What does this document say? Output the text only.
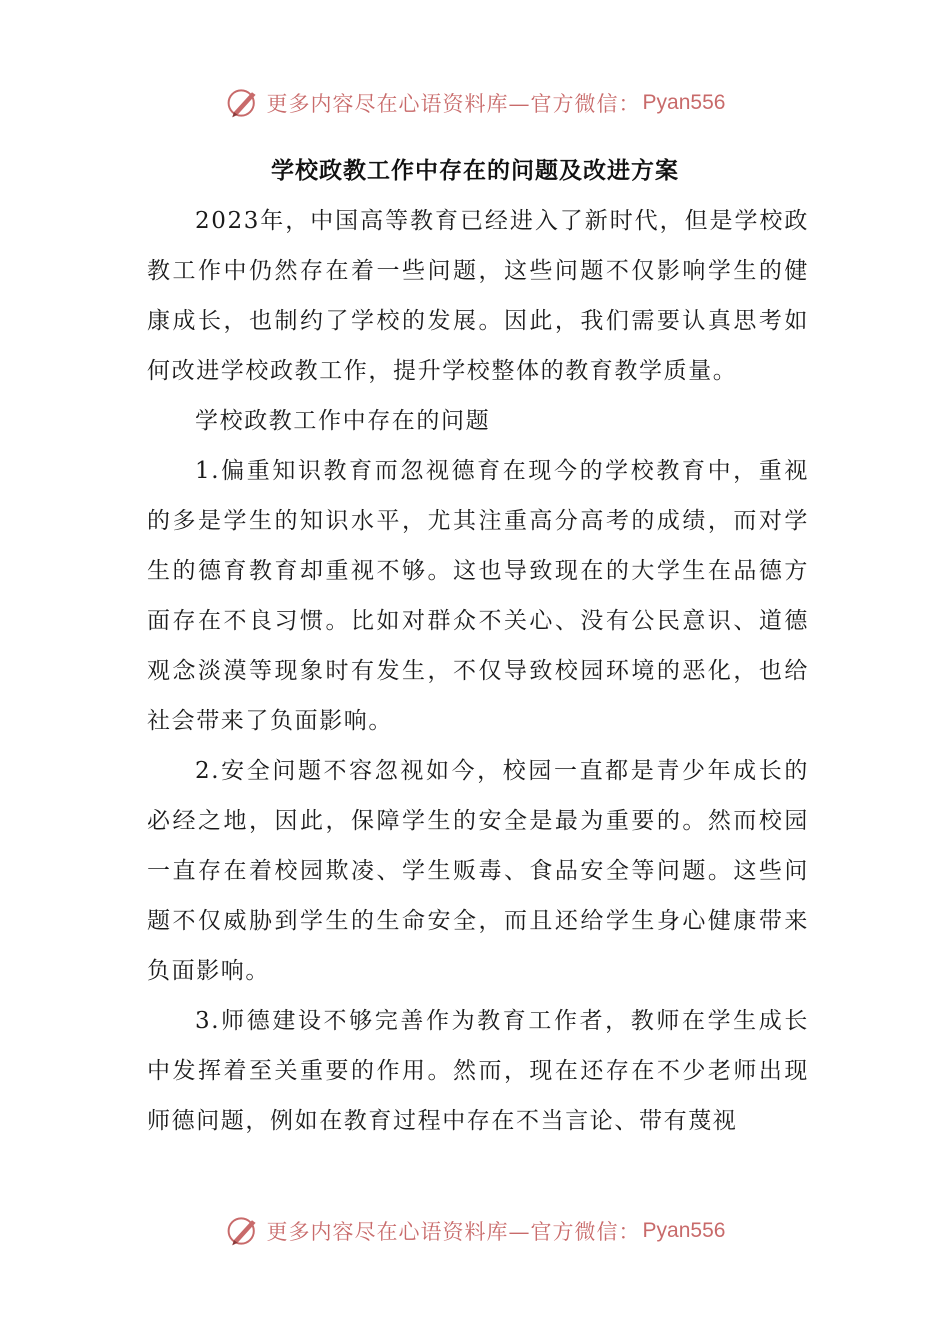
更多内容尽在心语资料库—官方微信： Pyan556
学校政教工作中存在的问题及改进方案

2023年，中国高等教育已经进入了新时代，但是学校政教工作中仍然存在着一些问题，这些问题不仅影响学生的健康成长，也制约了学校的发展。因此，我们需要认真思考如何改进学校政教工作，提升学校整体的教育教学质量。

学校政教工作中存在的问题

1.偏重知识教育而忽视德育在现今的学校教育中，重视的多是学生的知识水平，尤其注重高分高考的成绩，而对学生的德育教育却重视不够。这也导致现在的大学生在品德方面存在不良习惯。比如对群众不关心、没有公民意识、道德观念淡漠等现象时有发生，不仅导致校园环境的恶化，也给社会带来了负面影响。

2.安全问题不容忽视如今，校园一直都是青少年成长的必经之地，因此，保障学生的安全是最为重要的。然而校园一直存在着校园欺凌、学生贩毒、食品安全等问题。这些问题不仅威胁到学生的生命安全，而且还给学生身心健康带来负面影响。

3.师德建设不够完善作为教育工作者，教师在学生成长中发挥着至关重要的作用。然而，现在还存在不少老师出现师德问题，例如在教育过程中存在不当言论、带有蔑视

更多内容尽在心语资料库—官方微信： Pyan556
